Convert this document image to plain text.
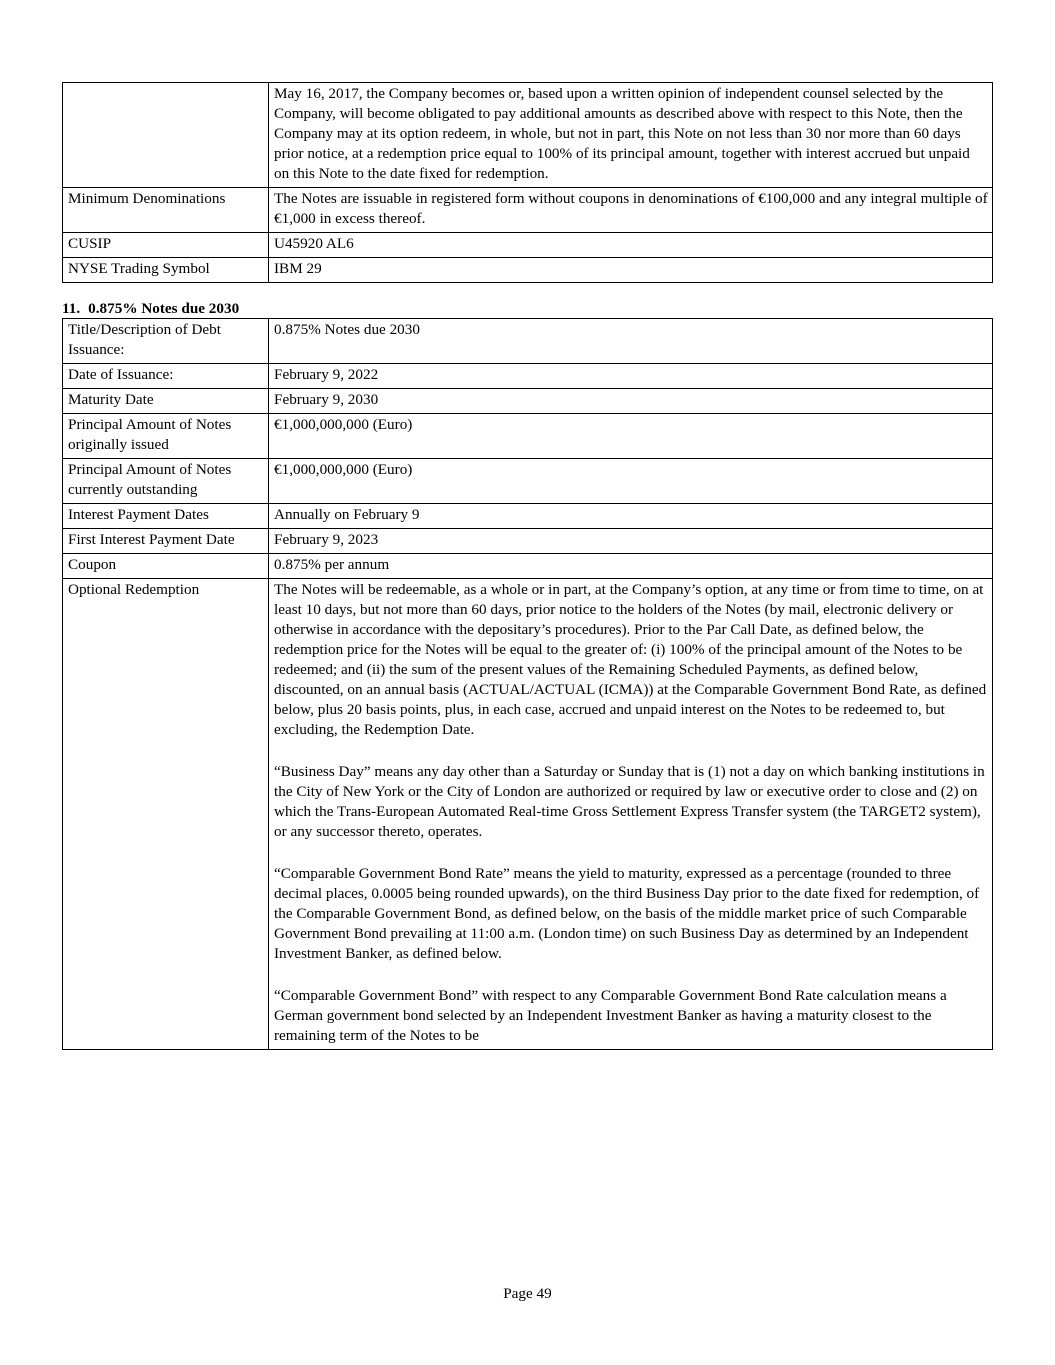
	May 16, 2017, the Company becomes or, based upon a written opinion of independent counsel selected by the Company, will become obligated to pay additional amounts as described above with respect to this Note, then the Company may at its option redeem, in whole, but not in part, this Note on not less than 30 nor more than 60 days prior notice, at a redemption price equal to 100% of its principal amount, together with interest accrued but unpaid on this Note to the date fixed for redemption.
Minimum Denominations	The Notes are issuable in registered form without coupons in denominations of €100,000 and any integral multiple of €1,000 in excess thereof.
CUSIP	U45920 AL6
NYSE Trading Symbol	IBM 29
11. 0.875% Notes due 2030
Title/Description of Debt Issuance:	0.875% Notes due 2030
Date of Issuance:	February 9, 2022
Maturity Date	February 9, 2030
Principal Amount of Notes originally issued	€1,000,000,000 (Euro)
Principal Amount of Notes currently outstanding	€1,000,000,000 (Euro)
Interest Payment Dates	Annually on February 9
First Interest Payment Date	February 9, 2023
Coupon	0.875% per annum
Optional Redemption	The Notes will be redeemable, as a whole or in part, at the Company’s option, at any time or from time to time, on at least 10 days, but not more than 60 days, prior notice to the holders of the Notes (by mail, electronic delivery or otherwise in accordance with the depositary’s procedures). Prior to the Par Call Date, as defined below, the redemption price for the Notes will be equal to the greater of: (i) 100% of the principal amount of the Notes to be redeemed; and (ii) the sum of the present values of the Remaining Scheduled Payments, as defined below, discounted, on an annual basis (ACTUAL/ACTUAL (ICMA)) at the Comparable Government Bond Rate, as defined below, plus 20 basis points, plus, in each case, accrued and unpaid interest on the Notes to be redeemed to, but excluding, the Redemption Date.

“Business Day” means any day other than a Saturday or Sunday that is (1) not a day on which banking institutions in the City of New York or the City of London are authorized or required by law or executive order to close and (2) on which the Trans-European Automated Real-time Gross Settlement Express Transfer system (the TARGET2 system), or any successor thereto, operates.

“Comparable Government Bond Rate” means the yield to maturity, expressed as a percentage (rounded to three decimal places, 0.0005 being rounded upwards), on the third Business Day prior to the date fixed for redemption, of the Comparable Government Bond, as defined below, on the basis of the middle market price of such Comparable Government Bond prevailing at 11:00 a.m. (London time) on such Business Day as determined by an Independent Investment Banker, as defined below.

“Comparable Government Bond” with respect to any Comparable Government Bond Rate calculation means a German government bond selected by an Independent Investment Banker as having a maturity closest to the remaining term of the Notes to be

Page 49
